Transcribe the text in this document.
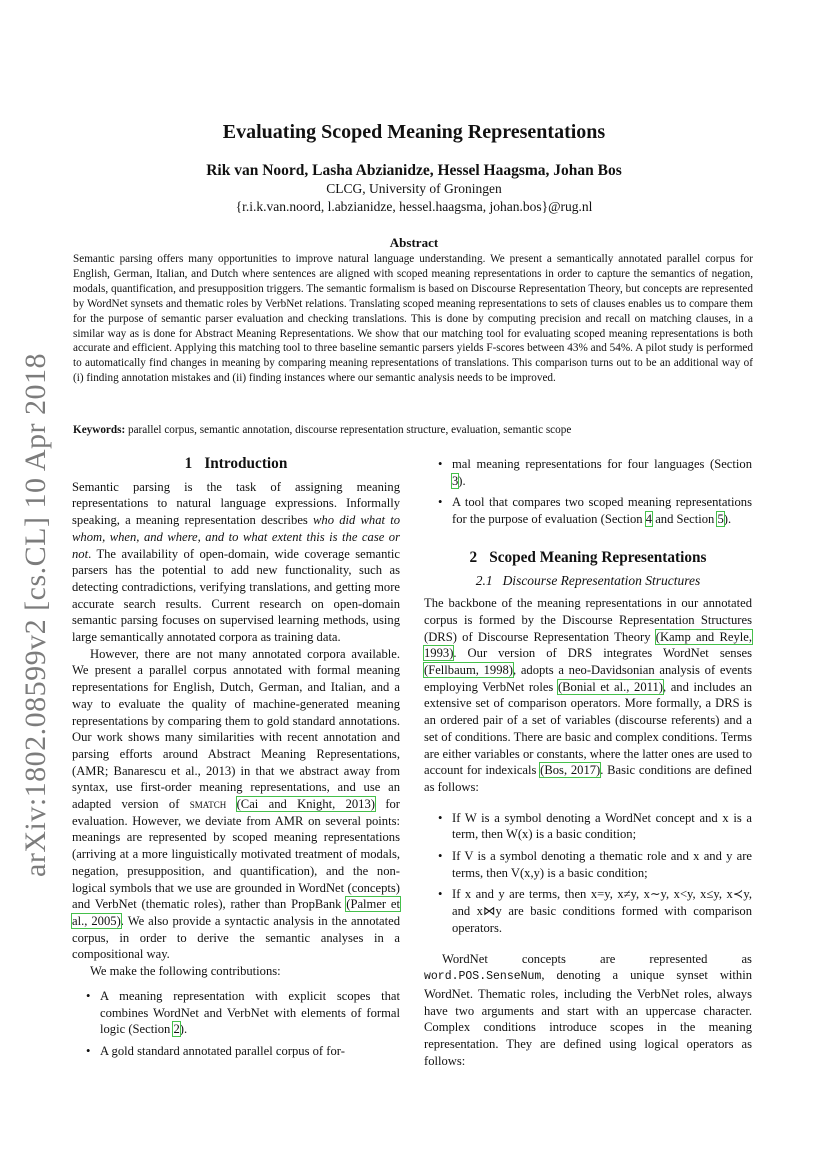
arXiv:1802.08599v2 [cs.CL] 10 Apr 2018
Evaluating Scoped Meaning Representations
Rik van Noord, Lasha Abzianidze, Hessel Haagsma, Johan Bos
CLCG, University of Groningen
{r.i.k.van.noord, l.abzianidze, hessel.haagsma, johan.bos}@rug.nl
Abstract
Semantic parsing offers many opportunities to improve natural language understanding. We present a semantically annotated parallel corpus for English, German, Italian, and Dutch where sentences are aligned with scoped meaning representations in order to capture the semantics of negation, modals, quantification, and presupposition triggers. The semantic formalism is based on Discourse Representation Theory, but concepts are represented by WordNet synsets and thematic roles by VerbNet relations. Translating scoped meaning representations to sets of clauses enables us to compare them for the purpose of semantic parser evaluation and checking translations. This is done by computing precision and recall on matching clauses, in a similar way as is done for Abstract Meaning Representations. We show that our matching tool for evaluating scoped meaning representations is both accurate and efficient. Applying this matching tool to three baseline semantic parsers yields F-scores between 43% and 54%. A pilot study is performed to automatically find changes in meaning by comparing meaning representations of translations. This comparison turns out to be an additional way of (i) finding annotation mistakes and (ii) finding instances where our semantic analysis needs to be improved.
Keywords: parallel corpus, semantic annotation, discourse representation structure, evaluation, semantic scope
1 Introduction

Semantic parsing is the task of assigning meaning representations to natural language expressions. Informally speaking, a meaning representation describes who did what to whom, when, and where, and to what extent this is the case or not. The availability of open-domain, wide coverage semantic parsers has the potential to add new functionality, such as detecting contradictions, verifying translations, and getting more accurate search results. Current research on open-domain semantic parsing focuses on supervised learning methods, using large semantically annotated corpora as training data.

However, there are not many annotated corpora available. We present a parallel corpus annotated with formal meaning representations for English, Dutch, German, and Italian, and a way to evaluate the quality of machine-generated meaning representations by comparing them to gold standard annotations. Our work shows many similarities with recent annotation and parsing efforts around Abstract Meaning Representations, (AMR; Banarescu et al., 2013) in that we abstract away from syntax, use first-order meaning representations, and use an adapted version of smatch (Cai and Knight, 2013) for evaluation. However, we deviate from AMR on several points: meanings are represented by scoped meaning representations (arriving at a more linguistically motivated treatment of modals, negation, presupposition, and quantification), and the non-logical symbols that we use are grounded in WordNet (concepts) and VerbNet (thematic roles), rather than PropBank (Palmer et al., 2005). We also provide a syntactic analysis in the annotated corpus, in order to derive the semantic analyses in a compositional way.

We make the following contributions:

• A meaning representation with explicit scopes that combines WordNet and VerbNet with elements of formal logic (Section 2).
• A gold standard annotated parallel corpus of for-
• mal meaning representations for four languages (Section 3).
• A tool that compares two scoped meaning representations for the purpose of evaluation (Section 4 and Section 5).
2 Scoped Meaning Representations
2.1 Discourse Representation Structures

The backbone of the meaning representations in our annotated corpus is formed by the Discourse Representation Structures (DRS) of Discourse Representation Theory (Kamp and Reyle, 1993). Our version of DRS integrates WordNet senses (Fellbaum, 1998), adopts a neo-Davidsonian analysis of events employing VerbNet roles (Bonial et al., 2011), and includes an extensive set of comparison operators. More formally, a DRS is an ordered pair of a set of variables (discourse referents) and a set of conditions. There are basic and complex conditions. Terms are either variables or constants, where the latter ones are used to account for indexicals (Bos, 2017). Basic conditions are defined as follows:

• If W is a symbol denoting a WordNet concept and x is a term, then W(x) is a basic condition;
• If V is a symbol denoting a thematic role and x and y are terms, then V(x,y) is a basic condition;
• If x and y are terms, then x=y, x≠y, x∼y, x<y, x≤y, x≺y, and x⋈y are basic conditions formed with comparison operators.
WordNet	concepts	are	represented	as

word.POS.SenseNum, denoting a unique synset within WordNet. Thematic roles, including the VerbNet roles, always have two arguments and start with an uppercase character. Complex conditions introduce scopes in the meaning representation. They are defined using logical operators as follows:
